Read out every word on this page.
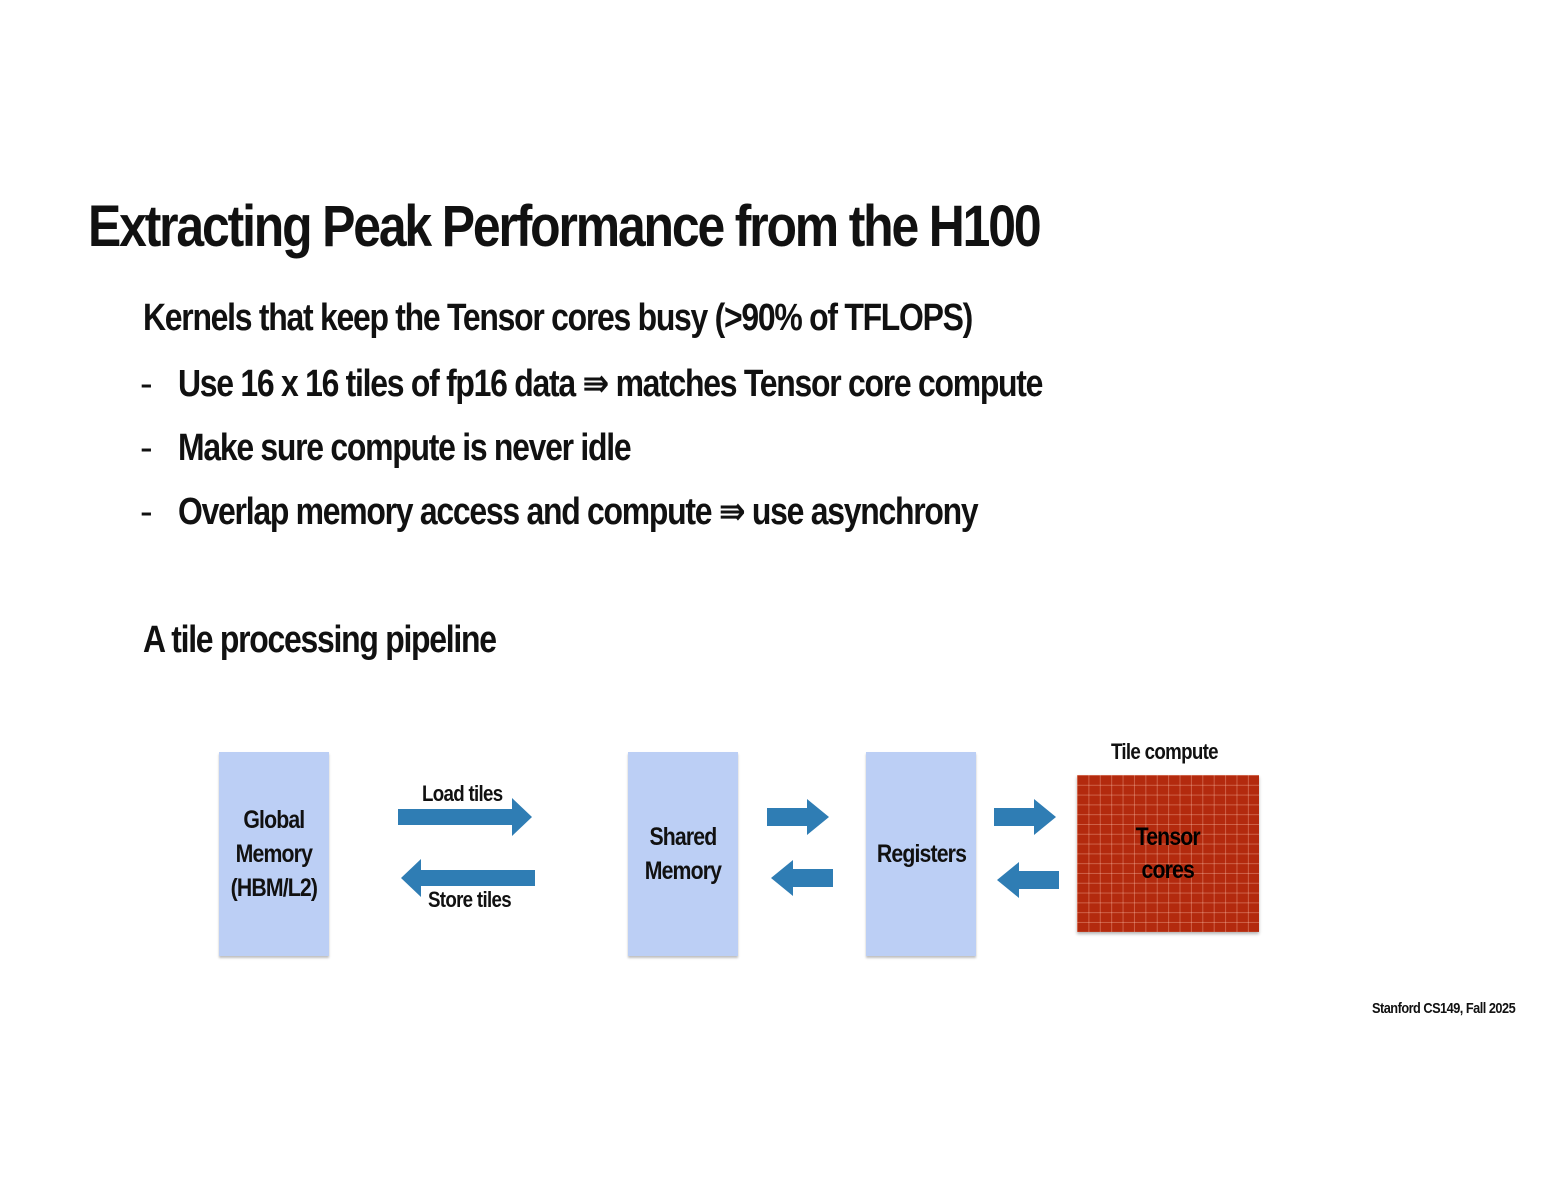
Extracting Peak Performance from the H100
Kernels that keep the Tensor cores busy (>90% of TFLOPS)
- Use 16 x 16 tiles of fp16 data ⇛ matches Tensor core compute
- Make sure compute is never idle
- Overlap memory access and compute ⇛ use asynchrony
A tile processing pipeline
Global
Memory
(HBM/L2)
Load tiles
Store tiles
Shared
Memory
Registers
Tile compute
Tensor
cores
Stanford CS149, Fall 2025
